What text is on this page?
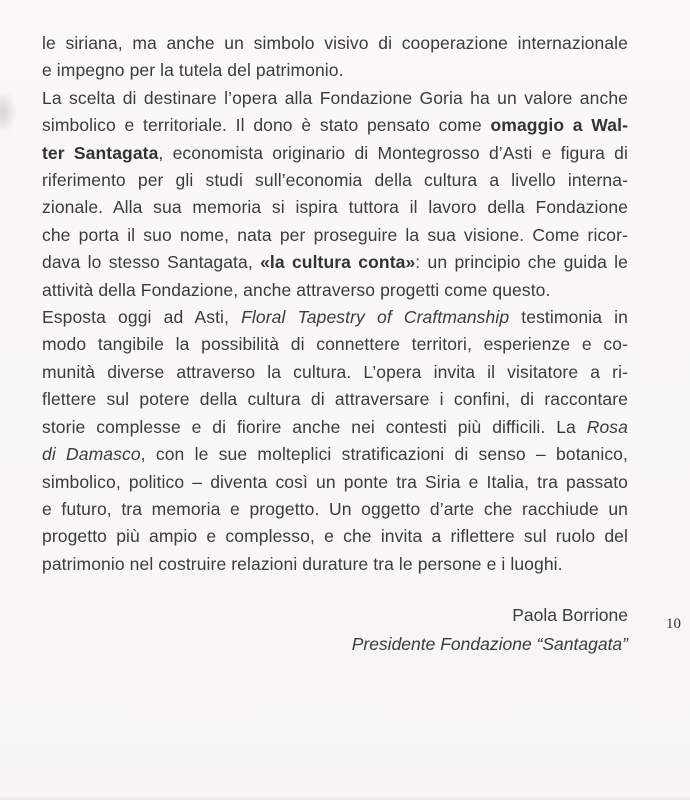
le siriana, ma anche un simbolo visivo di cooperazione internazionale
e impegno per la tutela del patrimonio.
La scelta di destinare l’opera alla Fondazione Goria ha un valore anche
simbolico e territoriale. Il dono è stato pensato come omaggio a Wal-
ter Santagata, economista originario di Montegrosso d’Asti e figura di
riferimento per gli studi sull’economia della cultura a livello interna-
zionale. Alla sua memoria si ispira tuttora il lavoro della Fondazione
che porta il suo nome, nata per proseguire la sua visione. Come ricor-
dava lo stesso Santagata, «la cultura conta»: un principio che guida le
attività della Fondazione, anche attraverso progetti come questo.
Esposta oggi ad Asti, Floral Tapestry of Craftmanship testimonia in
modo tangibile la possibilità di connettere territori, esperienze e co-
munità diverse attraverso la cultura. L’opera invita il visitatore a ri-
flettere sul potere della cultura di attraversare i confini, di raccontare
storie complesse e di fiorire anche nei contesti più difficili. La Rosa
di Damasco, con le sue molteplici stratificazioni di senso – botanico,
simbolico, politico – diventa così un ponte tra Siria e Italia, tra passato
e futuro, tra memoria e progetto. Un oggetto d’arte che racchiude un
progetto più ampio e complesso, e che invita a riflettere sul ruolo del
patrimonio nel costruire relazioni durature tra le persone e i luoghi.
Paola Borrione
Presidente Fondazione “Santagata”
10
